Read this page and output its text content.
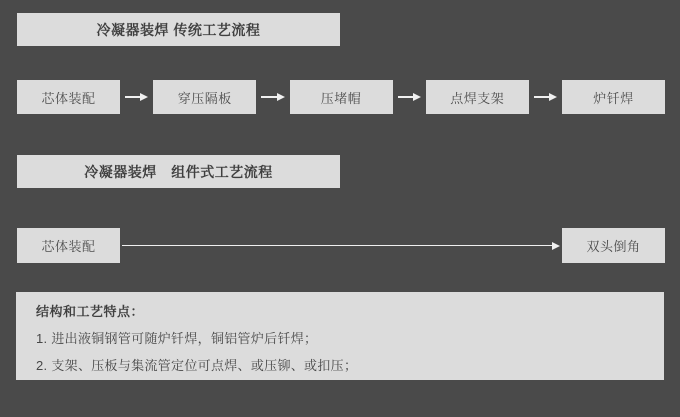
冷凝器装焊 传统工艺流程
芯体装配	穿压隔板	压堵帽	点焊支架	炉钎焊
冷凝器装焊　组件式工艺流程
芯体装配	双头倒角

结构和工艺特点：

1. 进出液铜钢管可随炉钎焊，铜铝管炉后钎焊；

2. 支架、压板与集流管定位可点焊、或压铆、或扣压；
